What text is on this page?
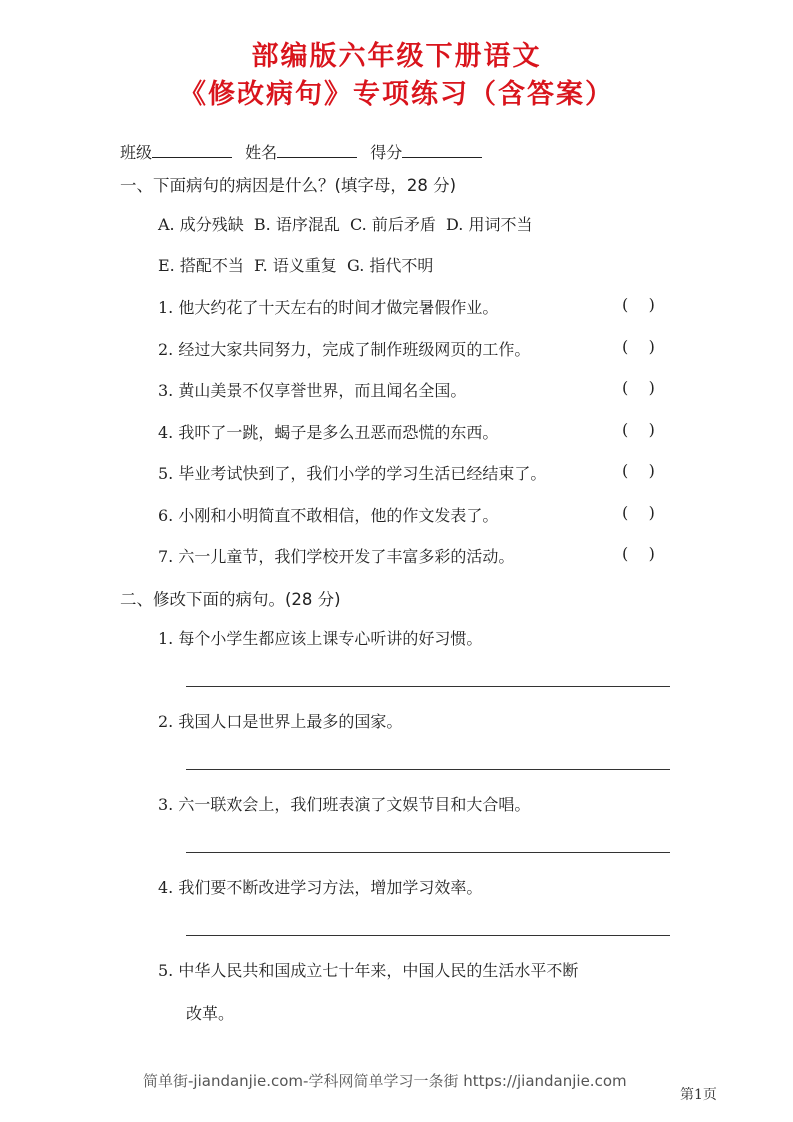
部编版六年级下册语文
《修改病句》专项练习（含答案）
班级	姓名	得分
一、下面病句的病因是什么？(填字母，28 分)
A. 成分残缺  B. 语序混乱  C. 前后矛盾  D. 用词不当
E. 搭配不当  F. 语义重复  G. 指代不明
二、修改下面的病句。(28 分)
改革。
简单街-jiandanjie.com-学科网简单学习一条街 https://jiandanjie.com
第1页
1. 他大约花了十天左右的时间才做完暑假作业。	(    )
2. 经过大家共同努力，完成了制作班级网页的工作。	(    )
3. 黄山美景不仅享誉世界，而且闻名全国。	(    )
4. 我吓了一跳，蝎子是多么丑恶而恐慌的东西。	(    )
5. 毕业考试快到了，我们小学的学习生活已经结束了。	(    )
6. 小刚和小明简直不敢相信，他的作文发表了。	(    )
7. 六一儿童节，我们学校开发了丰富多彩的活动。	(    )
1. 每个小学生都应该上课专心听讲的好习惯。
2. 我国人口是世界上最多的国家。
3. 六一联欢会上，我们班表演了文娱节目和大合唱。
4. 我们要不断改进学习方法，增加学习效率。
5. 中华人民共和国成立七十年来，中国人民的生活水平不断
